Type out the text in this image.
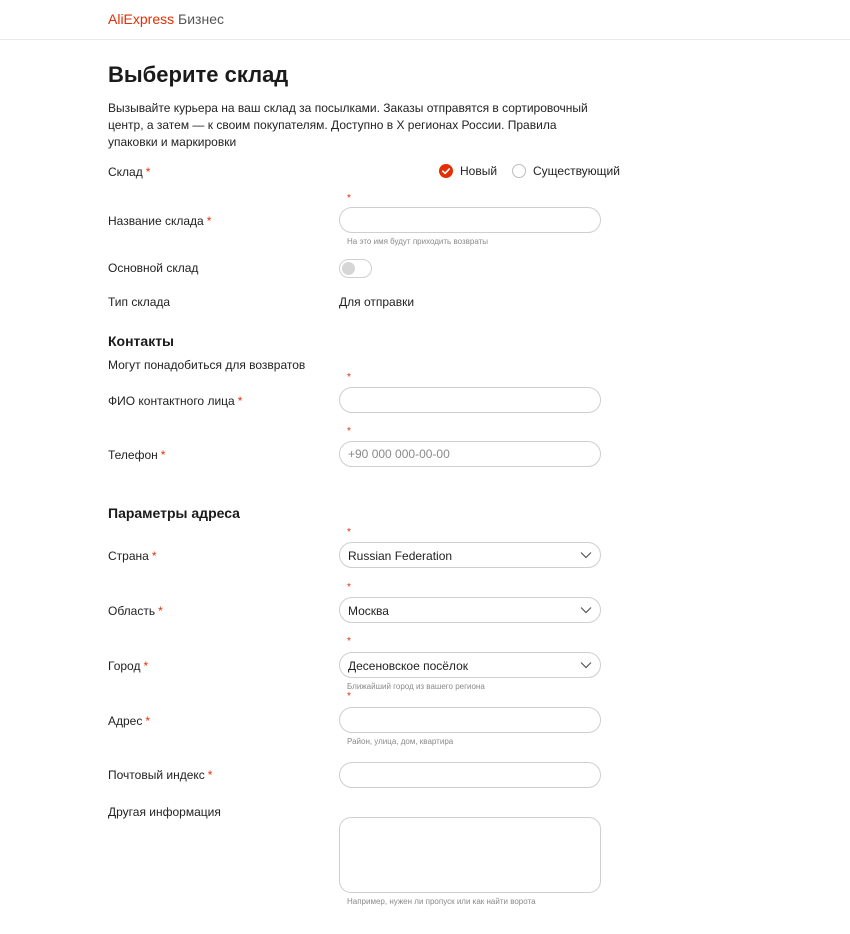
AliExpress Бизнес
Выберите склад

Вызывайте курьера на ваш склад за посылками. Заказы отправятся в сортировочный центр, а затем — к своим покупателям. Доступно в X регионах России. Правила упаковки и маркировки

Склад *	Новый	Существующий
*
Название склада *
На это имя будут приходить возвраты
Основной склад
Тип склада	Для отправки
Контакты
Могут понадобиться для возвратов
*
ФИО контактного лица *
*
Телефон *
+90 000 000-00-00
Параметры адреса
*
Страна *	Russian Federation
*
Область *	Москва
*
Город *	Десеновское посёлок
Ближайший город из вашего региона
*
Адрес *
Район, улица, дом, квартира
Почтовый индекс *
Другая информация
Например, нужен ли пропуск или как найти ворота
